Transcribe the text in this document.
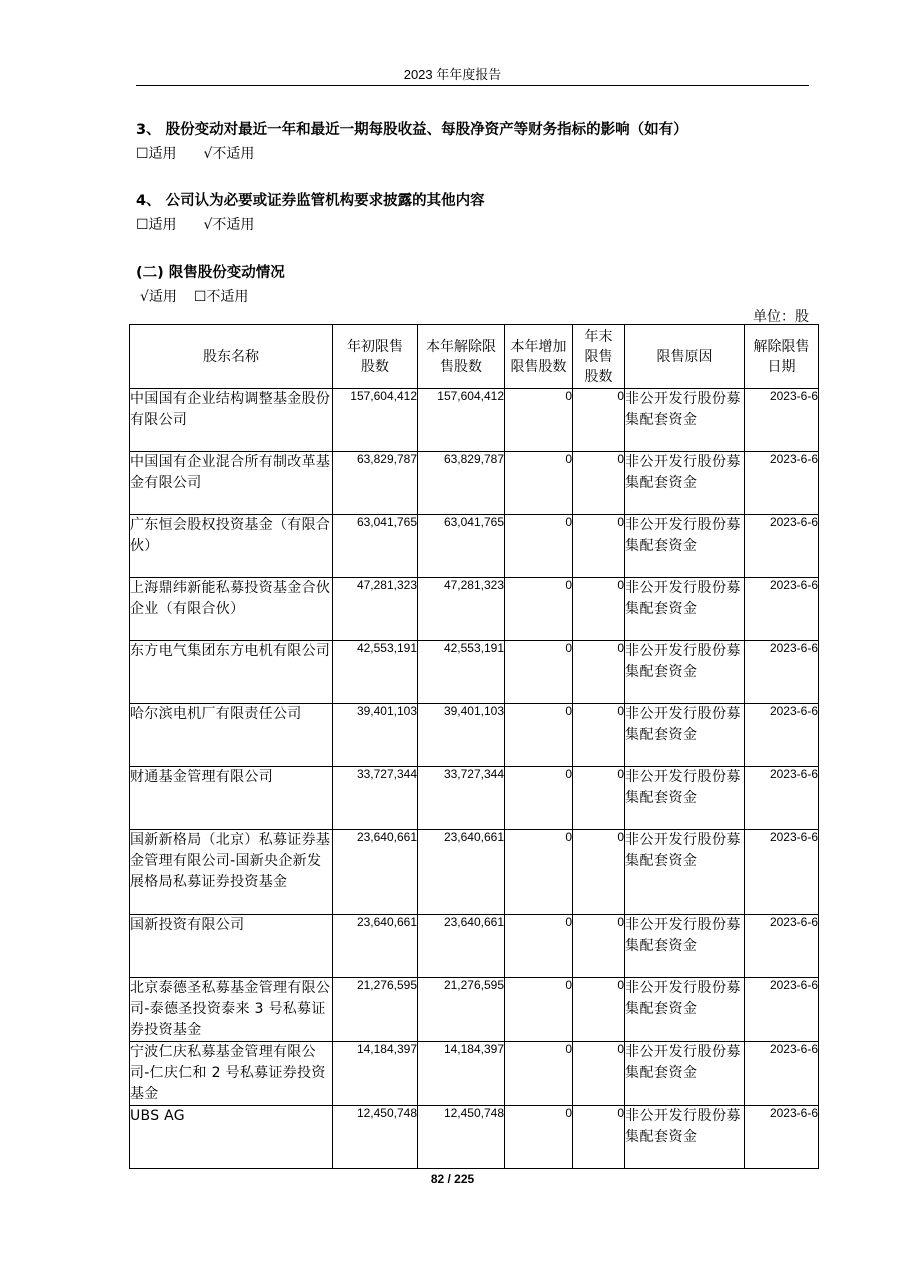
2023 年年度报告
3、 股份变动对最近一年和最近一期每股收益、每股净资产等财务指标的影响（如有）
☐适用 √不适用
4、 公司认为必要或证券监管机构要求披露的其他内容
☐适用 √不适用
(二) 限售股份变动情况
√适用 ☐不适用
单位：股
股东名称	年初限售股数	本年解除限售股数	本年增加限售股数	年末限售股数	限售原因	解除限售日期

中国国有企业结构调整基金股份有限公司	157,604,412	157,604,412	0	0	非公开发行股份募集配套资金	2023-6-6
中国国有企业混合所有制改革基金有限公司	63,829,787	63,829,787	0	0	非公开发行股份募集配套资金	2023-6-6
广东恒会股权投资基金（有限合伙）	63,041,765	63,041,765	0	0	非公开发行股份募集配套资金	2023-6-6
上海鼎纬新能私募投资基金合伙企业（有限合伙）	47,281,323	47,281,323	0	0	非公开发行股份募集配套资金	2023-6-6
东方电气集团东方电机有限公司	42,553,191	42,553,191	0	0	非公开发行股份募集配套资金	2023-6-6
哈尔滨电机厂有限责任公司	39,401,103	39,401,103	0	0	非公开发行股份募集配套资金	2023-6-6
财通基金管理有限公司	33,727,344	33,727,344	0	0	非公开发行股份募集配套资金	2023-6-6
国新新格局（北京）私募证券基金管理有限公司-国新央企新发展格局私募证券投资基金	23,640,661	23,640,661	0	0	非公开发行股份募集配套资金	2023-6-6
国新投资有限公司	23,640,661	23,640,661	0	0	非公开发行股份募集配套资金	2023-6-6
北京泰德圣私募基金管理有限公司-泰德圣投资泰来 3 号私募证券投资基金	21,276,595	21,276,595	0	0	非公开发行股份募集配套资金	2023-6-6
宁波仁庆私募基金管理有限公司-仁庆仁和 2 号私募证券投资基金	14,184,397	14,184,397	0	0	非公开发行股份募集配套资金	2023-6-6
UBS AG	12,450,748	12,450,748	0	0	非公开发行股份募集配套资金	2023-6-6
82 / 225
